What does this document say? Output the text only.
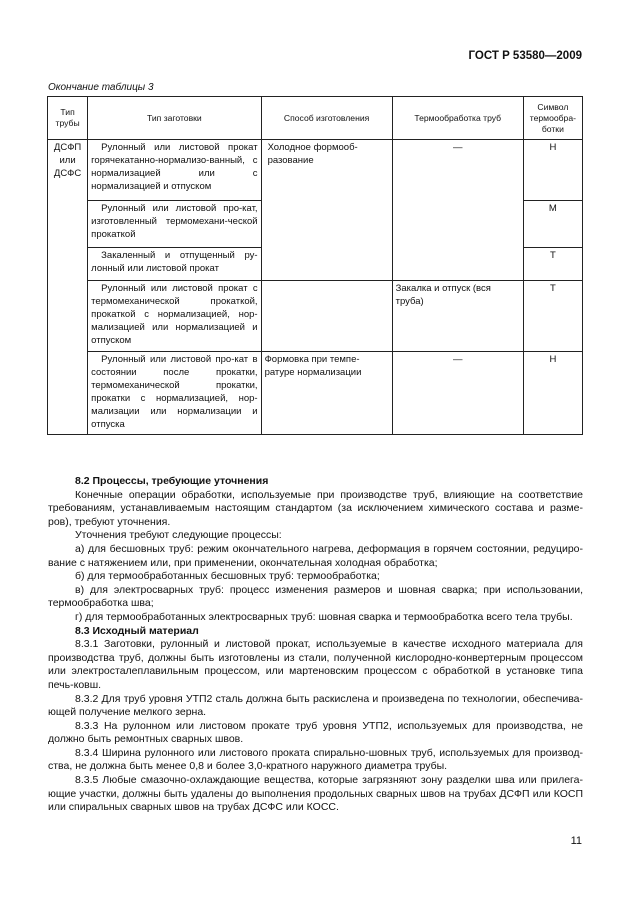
ГОСТ Р 53580—2009
Окончание таблицы 3
Тип трубы	Тип заготовки	Способ изготовления	Термообработка труб	Символ термообра-ботки
ДСФП или ДСФС	Рулонный или листовой прокат горячекатанно-нормализо-ванный, с нормализацией или с нормализацией и отпуском	Холодное формооб-разование	—	Н
	Рулонный или листовой про-кат, изготовленный термомехани-ческой прокаткой			М
	Закаленный и отпущенный ру-лонный или листовой прокат			Т
	Рулонный или листовой прокат с термомеханической прокаткой, прокаткой с нормализацией, нор-мализацией или нормализацией и отпуском		Закалка и отпуск (вся труба)	Т
	Рулонный или листовой про-кат в состоянии после прокатки, термомеханической прокатки, прокатки с нормализацией, нор-мализации или нормализации и отпуска	Формовка при темпе-ратуре нормализации	—	Н
8.2 Процессы, требующие уточнения

Конечные операции обработки, используемые при производстве труб, влияющие на соответствие требованиям, устанавливаемым настоящим стандартом (за исключением химического состава и разме-ров), требуют уточнения.

Уточнения требуют следующие процессы:

а) для бесшовных труб: режим окончательного нагрева, деформация в горячем состоянии, редуциро-вание с натяжением или, при применении, окончательная холодная обработка;

б) для термообработанных бесшовных труб: термообработка;

в) для электросварных труб: процесс изменения размеров и шовная сварка; при использовании, термообработка шва;

г) для термообработанных электросварных труб: шовная сварка и термообработка всего тела трубы.

8.3 Исходный материал

8.3.1 Заготовки, рулонный и листовой прокат, используемые в качестве исходного материала для производства труб, должны быть изготовлены из стали, полученной кислородно-конвертерным процессом или электросталеплавильным процессом, или мартеновским процессом с обработкой в установке типа печь-ковш.

8.3.2 Для труб уровня УТП2 сталь должна быть раскислена и произведена по технологии, обеспечива-ющей получение мелкого зерна.

8.3.3 На рулонном или листовом прокате труб уровня УТП2, используемых для производства, не должно быть ремонтных сварных швов.

8.3.4 Ширина рулонного или листового проката спирально-шовных труб, используемых для производ-ства, не должна быть менее 0,8 и более 3,0-кратного наружного диаметра трубы.

8.3.5 Любые смазочно-охлаждающие вещества, которые загрязняют зону разделки шва или прилега-ющие участки, должны быть удалены до выполнения продольных сварных швов на трубах ДСФП или КОСП или спиральных сварных швов на трубах ДСФС или КОСС.

11
